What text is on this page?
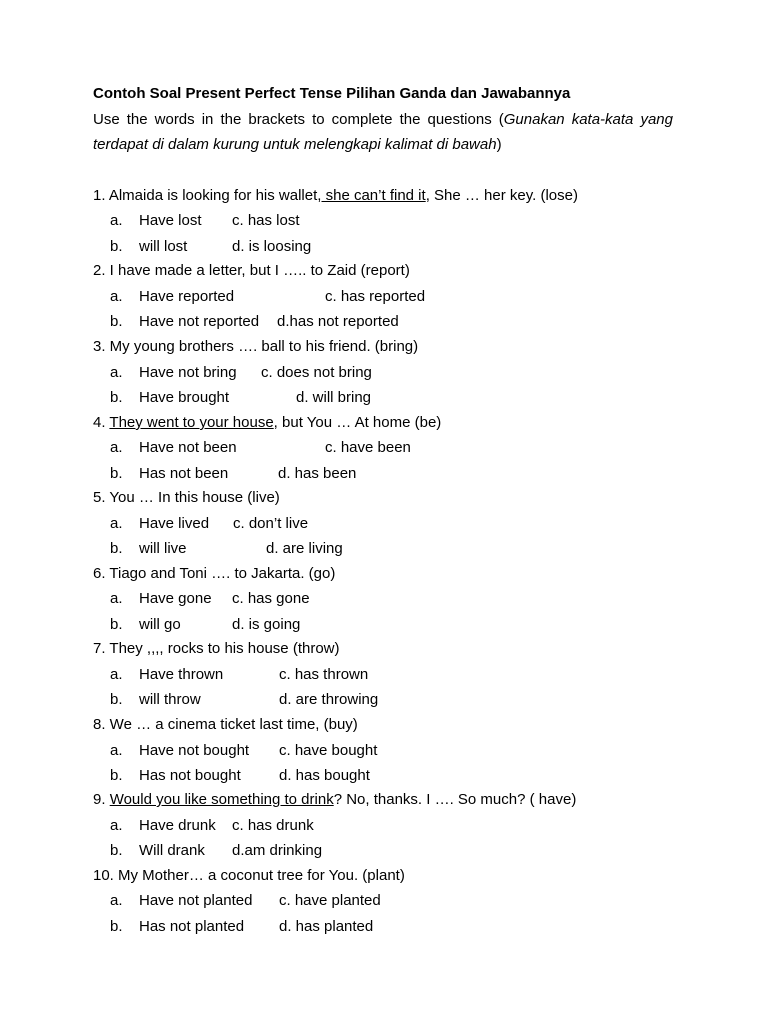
Contoh Soal Present Perfect Tense Pilihan Ganda dan Jawabannya
Use the words in the brackets to complete the questions (Gunakan kata-kata yang
terdapat di dalam kurung untuk melengkapi kalimat di bawah)
1. Almaida is looking for his wallet, she can’t find it, She … her key. (lose)
a. Have lost c. has lost
b. will lost	d. is loosing
2. I have made a letter, but I ….. to Zaid (report)
a. Have reported	c. has reported
b. Have not reported d.has not reported
3. My young brothers …. ball to his friend. (bring)
a. Have not bring c. does not bring
b. Have brought	d. will bring
4. They went to your house, but You … At home (be)
a. Have not been	c. have been
b. Has not been	d. has been
5. You … In this house (live)
a. Have lived c. don’t live
b. will live	d. are living
6. Tiago and Toni …. to Jakarta. (go)
a. Have gone c. has gone
b. will go	d. is going
7. They ,,,, rocks to his house (throw)
a. Have thrown	c. has thrown
b. will throw	d. are throwing
8. We … a cinema ticket last time, (buy)
a. Have not bought c. have bought
b. Has not bought	d. has bought
9. Would you like something to drink? No, thanks. I …. So much? ( have)
a. Have drunk c. has drunk
b. Will drank d.am drinking
10. My Mother… a coconut tree for You. (plant)
a. Have not planted c. have planted
b. Has not planted d. has planted
